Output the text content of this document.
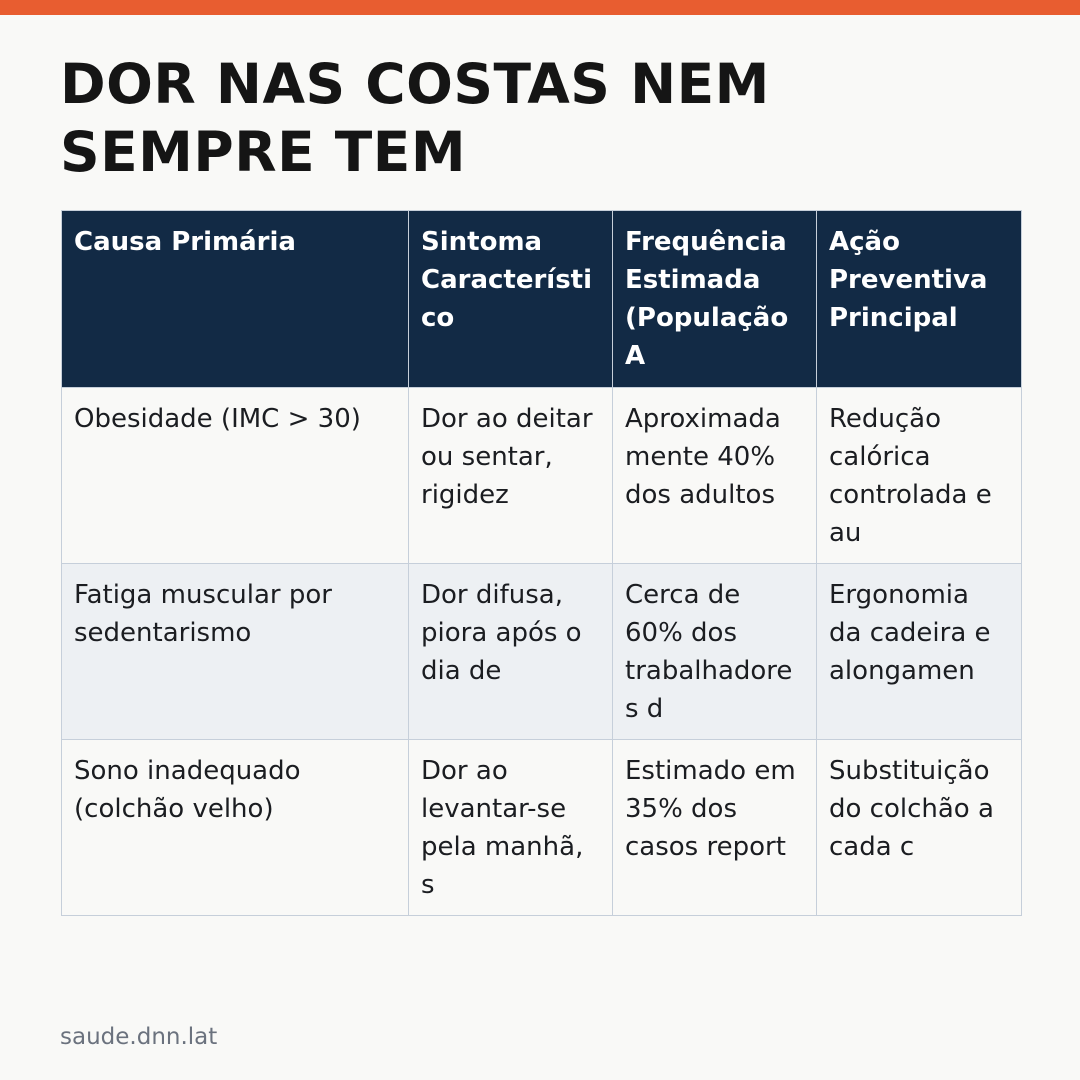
DOR NAS COSTAS NEM SEMPRE TEM
Causa Primária	Sintoma Característico	Frequência Estimada (População A	Ação Preventiva Principal
Obesidade (IMC > 30)	Dor ao deitar ou sentar, rigidez	Aproximadamente 40% dos adultos	Redução calórica controlada e au
Fatiga muscular por sedentarismo	Dor difusa, piora após o dia de	Cerca de 60% dos trabalhadores d	Ergonomia da cadeira e alongamen
Sono inadequado (colchão velho)	Dor ao levantar-se pela manhã, s	Estimado em 35% dos casos report	Substituição do colchão a cada c
saude.dnn.lat
